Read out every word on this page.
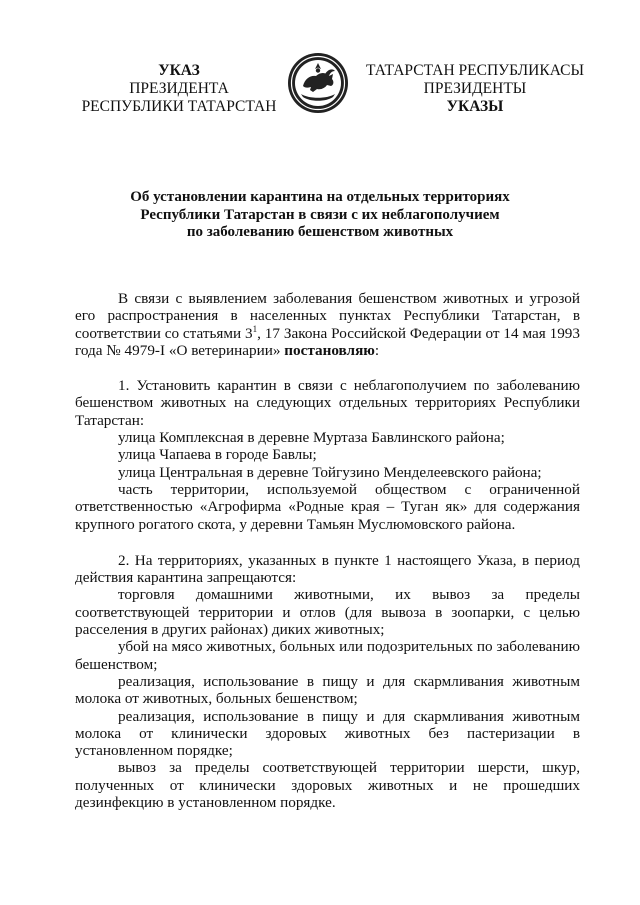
УКАЗ
ПРЕЗИДЕНТА
РЕСПУБЛИКИ ТАТАРСТАН
ТАТАРСТАН РЕСПУБЛИКАСЫ
ПРЕЗИДЕНТЫ
УКАЗЫ
Об установлении карантина на отдельных территориях
Республики Татарстан в связи с их неблагополучием
по заболеванию бешенством животных

В связи с выявлением заболевания бешенством животных и угрозой его распространения в населенных пунктах Республики Татарстан, в соответствии со статьями $3^1$, 17 Закона Российской Федерации от 14 мая 1993 года № 4979-I «О ветеринарии» постановляю:

1. Установить карантин в связи с неблагополучием по заболеванию бешенством животных на следующих отдельных территориях Республики Татарстан:

улица Комплексная в деревне Муртаза Бавлинского района;

улица Чапаева в городе Бавлы;

улица Центральная в деревне Тойгузино Менделеевского района;

часть территории, используемой обществом с ограниченной ответственностью «Агрофирма «Родные края – Туган як» для содержания крупного рогатого скота, у деревни Тамьян Муслюмовского района.

2. На территориях, указанных в пункте 1 настоящего Указа, в период действия карантина запрещаются:

торговля домашними животными, их вывоз за пределы соответствующей территории и отлов (для вывоза в зоопарки, с целью расселения в других районах) диких животных;

убой на мясо животных, больных или подозрительных по заболеванию бешенством;

реализация, использование в пищу и для скармливания животным молока от животных, больных бешенством;

реализация, использование в пищу и для скармливания животным молока от клинически здоровых животных без пастеризации в установленном порядке;

вывоз за пределы соответствующей территории шерсти, шкур, полученных от клинически здоровых животных и не прошедших дезинфекцию в установленном порядке.
